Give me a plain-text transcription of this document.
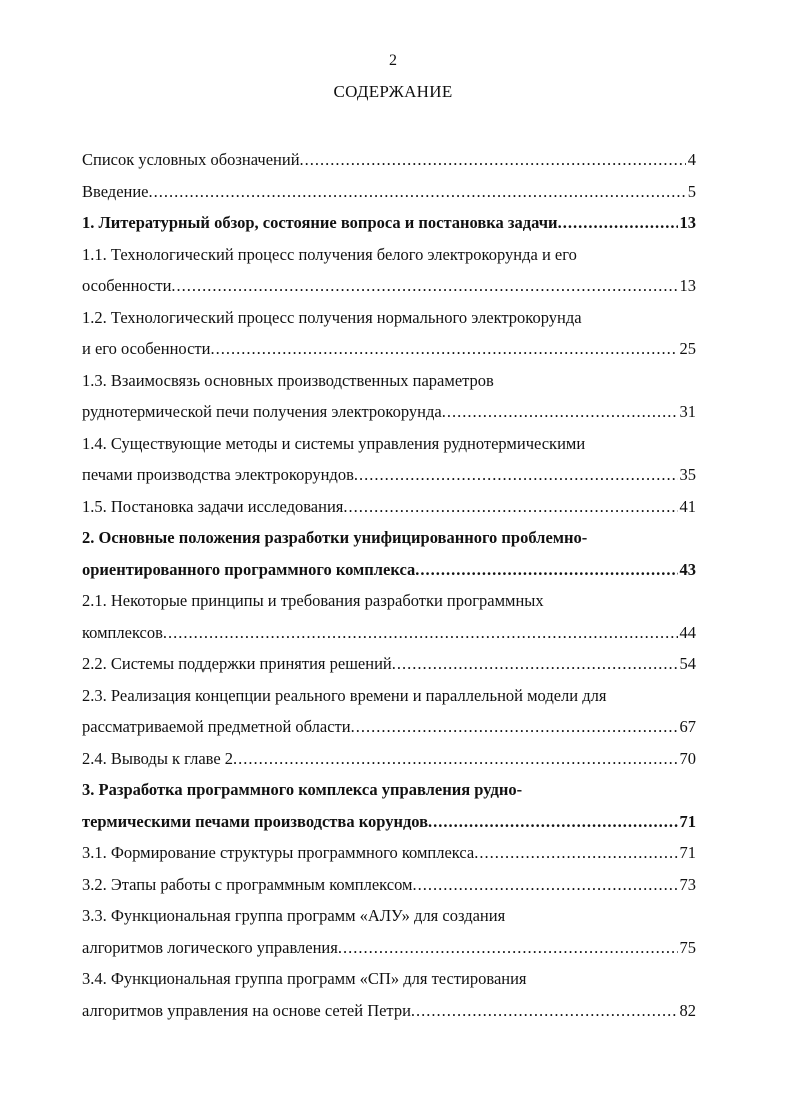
2
СОДЕРЖАНИЕ
Список условных обозначений .....	4
Введение .....	5
1. Литературный обзор, состояние вопроса и постановка задачи .....	13
1.1. Технологический процесс получения белого электрокорунда и его
особенности .....	13
1.2. Технологический процесс получения нормального электрокорунда
и его особенности .....	25
1.3. Взаимосвязь основных производственных параметров
руднотермической печи получения электрокорунда .....	31
1.4. Существующие методы и системы управления руднотермическими
печами производства электрокорундов .....	35
1.5. Постановка задачи исследования .....	41
2. Основные положения разработки унифицированного проблемно-
ориентированного программного комплекса .....	43
2.1. Некоторые принципы и требования разработки программных
комплексов .....	44
2.2. Системы поддержки принятия решений .....	54
2.3. Реализация концепции реального времени и параллельной модели для
рассматриваемой предметной области .....	67
2.4. Выводы к главе 2 .....	70
3. Разработка программного комплекса управления рудно-
термическими печами производства корундов .....	71
3.1. Формирование структуры программного комплекса .....	71
3.2. Этапы работы с программным комплексом .....	73
3.3. Функциональная группа программ «АЛУ» для создания
алгоритмов логического управления .....	75
3.4. Функциональная группа программ «СП» для тестирования
алгоритмов управления на основе сетей Петри .....	82
